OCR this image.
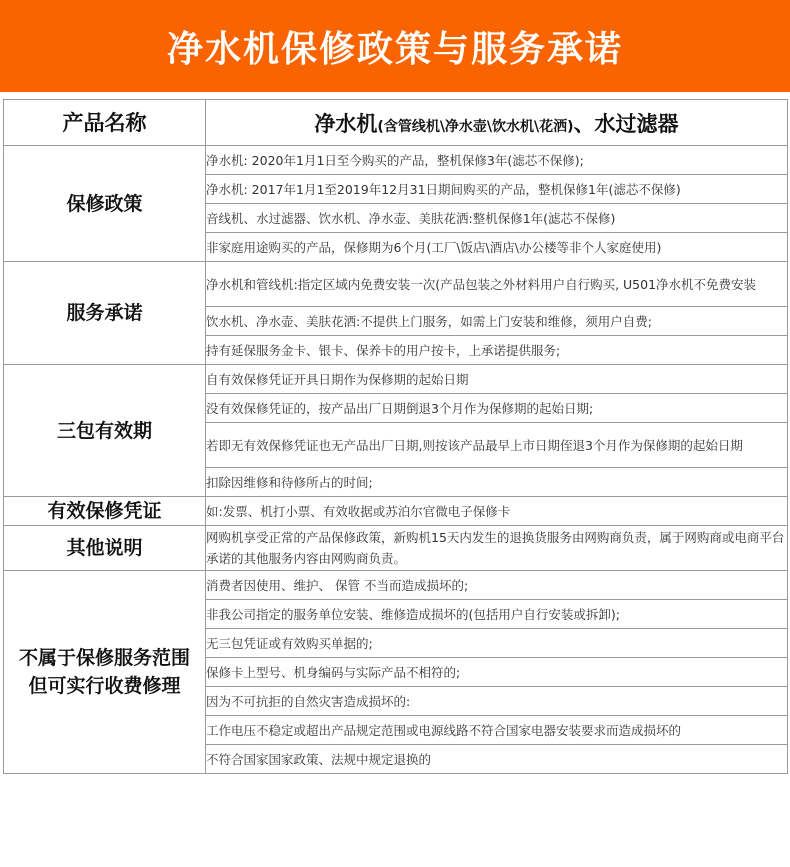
净水机保修政策与服务承诺
产品名称	净水机(含管线机\净水壶\饮水机\花洒)、水过滤器
保修政策	净水机: 2020年1月1日至今购买的产品，整机保修3年(滤芯不保修);
	净水机: 2017年1月1至2019年12月31日期间购买的产品，整机保修1年(滤芯不保修)
	音线机、水过滤器、饮水机、净水壶、美肤花洒:整机保修1年(滤芯不保修)
	非家庭用途购买的产品，保修期为6个月(工厂\饭店\酒店\办公楼等非个人家庭使用)
服务承诺	净水机和管线机:指定区域内免费安装一次(产品包装之外材料用户自行购买, U501净水机不免费安装
	饮水机、净水壶、美肤花洒:不提供上门服务，如需上门安装和维修，须用户自费;
	持有延保服务金卡、银卡、保养卡的用户按卡，上承诺提供服务;
三包有效期	自有效保修凭证开具日期作为保修期的起始日期
	没有效保修凭证的，按产品出厂日期倒退3个月作为保修期的起始日期;
	若即无有效保修凭证也无产品出厂日期,则按该产品最早上市日期侄退3个月作为保修期的起始日期
	扣除因维修和待修所占的时间;
有效保修凭证	如:发票、机打小票、有效收据或苏泊尔官微电子保修卡
其他说明	网购机享受正常的产品保修政策，新购机15天内发生的退换货服务由网购商负责，属于网购商或电商平台承诺的其他服务内容由网购商负责。

不属于保修服务范围
但可实行收费修理	消费者因使用、维护、 保管 不当而造成损坏的;
	非我公司指定的服务单位安装、维修造成损坏的(包括用户自行安装或拆卸);
	无三包凭证或有效购买单据的;
	保修卡上型号、机身编码与实际产品不相符的;
	因为不可抗拒的自然灾害造成损坏的:
	工作电压不稳定或超出产品规定范围或电源线路不符合国家电器安装要求而造成损坏的
	不符合国家国家政策、法规中规定退换的
